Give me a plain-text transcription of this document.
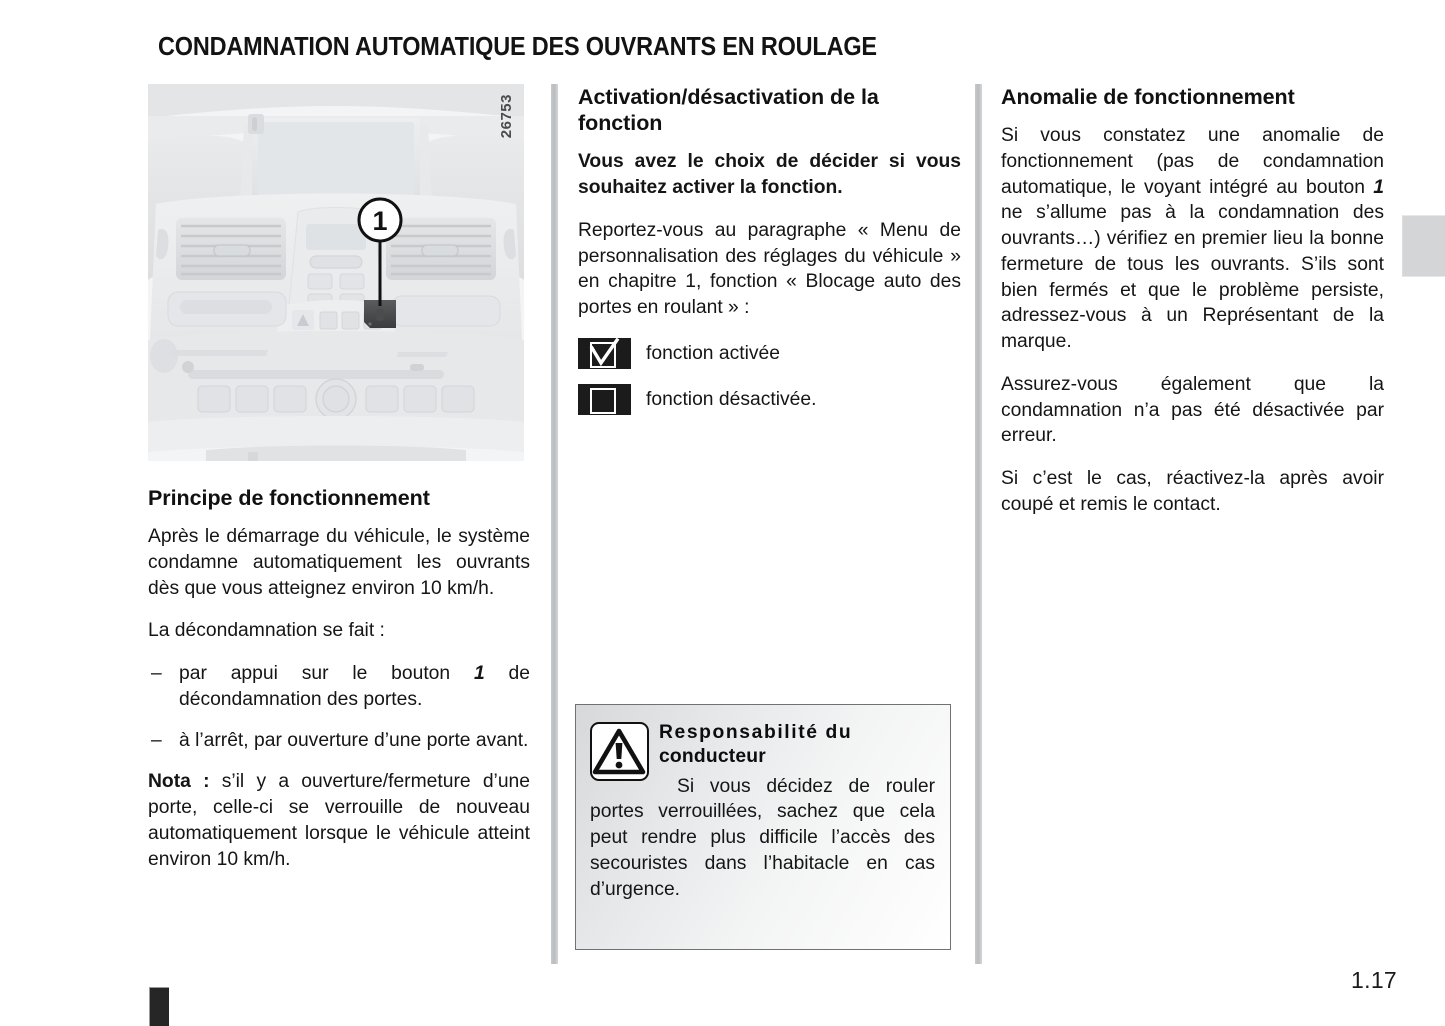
CONDAMNATION AUTOMATIQUE DES OUVRANTS EN ROULAGE
1
26753
Principe de fonctionnement

Après le démarrage du véhicule, le système condamne automatiquement les ouvrants dès que vous atteignez environ 10 km/h.

La décondamnation se fait :

– par appui sur le bouton 1 de décondamnation des portes.
– à l’arrêt, par ouverture d’une porte avant.

Nota : s’il y a ouverture/fermeture d’une porte, celle-ci se verrouille de nouveau automatiquement lorsque le véhicule atteint environ 10 km/h.

Activation/désactivation de la fonction

Vous avez le choix de décider si vous souhaitez activer la fonction.

Reportez-vous au paragraphe « Menu de personnalisation des réglages du véhicule » en chapitre 1, fonction « Blocage auto des portes en roulant » :

fonction activée
fonction désactivée.
Anomalie de fonctionnement

Si vous constatez une anomalie de fonctionnement (pas de condamnation automatique, le voyant intégré au bouton 1 ne s’allume pas à la condamnation des ouvrants…) vérifiez en premier lieu la bonne fermeture de tous les ouvrants. S’ils sont bien fermés et que le problème persiste, adressez-vous à un Représentant de la marque.

Assurez-vous également que la condamnation n’a pas été désactivée par erreur.

Si c’est le cas, réactivez-la après avoir coupé et remis le contact.

Responsabilité du
conducteur
Si vous décidez de rouler portes verrouillées, sachez que cela peut rendre plus difficile l’accès des secouristes dans l’habitacle en cas d’urgence.
1.17
